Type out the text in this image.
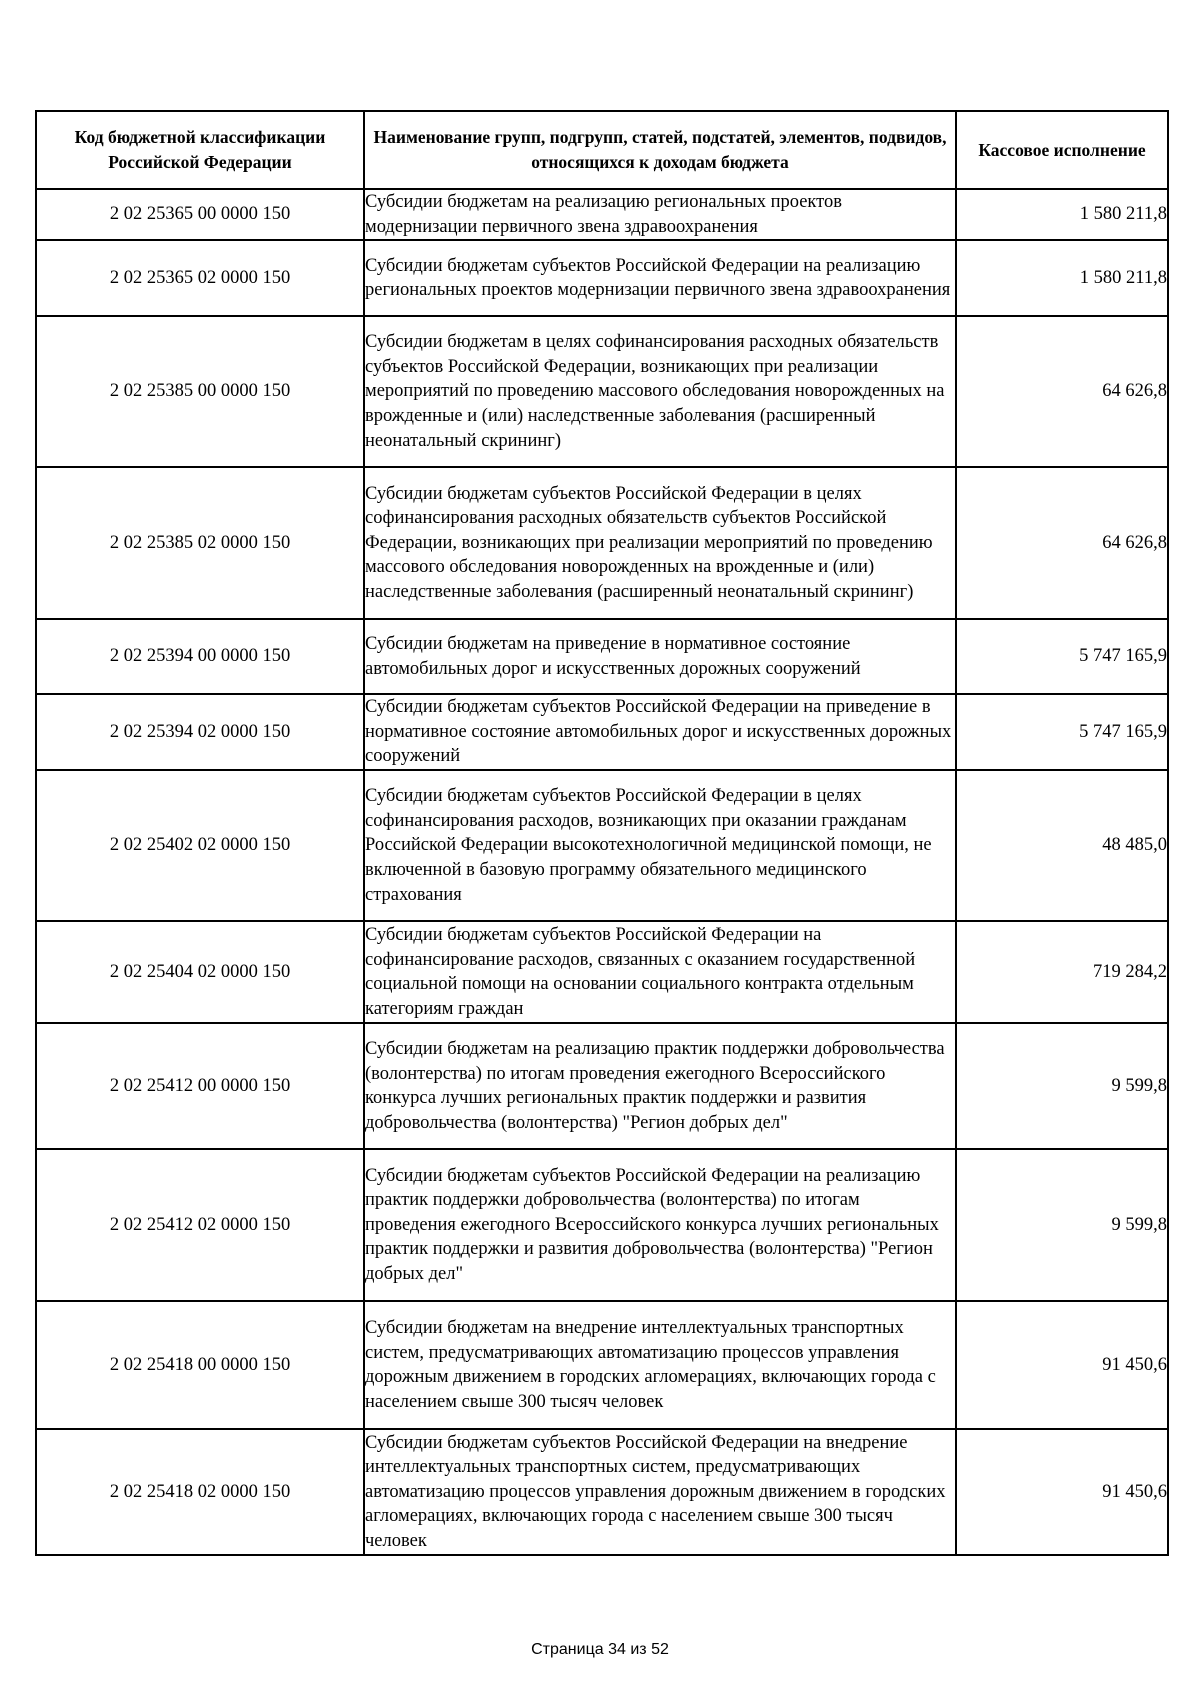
Код бюджетной классификации Российской Федерации	Наименование групп, подгрупп, статей, подстатей, элементов, подвидов, относящихся к доходам бюджета	Кассовое исполнение
2 02 25365 00 0000 150	Субсидии бюджетам на реализацию региональных проектов модернизации первичного звена здравоохранения	1 580 211,8
2 02 25365 02 0000 150	Субсидии бюджетам субъектов Российской Федерации на реализацию региональных проектов модернизации первичного звена здравоохранения	1 580 211,8
2 02 25385 00 0000 150	Субсидии бюджетам в целях софинансирования расходных обязательств субъектов Российской Федерации, возникающих при реализации мероприятий по проведению массового обследования новорожденных на врожденные и (или) наследственные заболевания (расширенный неонатальный скрининг)	64 626,8
2 02 25385 02 0000 150	Субсидии бюджетам субъектов Российской Федерации в целях софинансирования расходных обязательств субъектов Российской Федерации, возникающих при реализации мероприятий по проведению массового обследования новорожденных на врожденные и (или) наследственные заболевания (расширенный неонатальный скрининг)	64 626,8
2 02 25394 00 0000 150	Субсидии бюджетам на приведение в нормативное состояние автомобильных дорог и искусственных дорожных сооружений	5 747 165,9
2 02 25394 02 0000 150	Субсидии бюджетам субъектов Российской Федерации на приведение в нормативное состояние автомобильных дорог и искусственных дорожных сооружений	5 747 165,9
2 02 25402 02 0000 150	Субсидии бюджетам субъектов Российской Федерации в целях софинансирования расходов, возникающих при оказании гражданам Российской Федерации высокотехнологичной медицинской помощи, не включенной в базовую программу обязательного медицинского страхования	48 485,0
2 02 25404 02 0000 150	Субсидии бюджетам субъектов Российской Федерации на софинансирование расходов, связанных с оказанием государственной социальной помощи на основании социального контракта отдельным категориям граждан	719 284,2
2 02 25412 00 0000 150	Субсидии бюджетам на реализацию практик поддержки добровольчества (волонтерства) по итогам проведения ежегодного Всероссийского конкурса лучших региональных практик поддержки и развития добровольчества (волонтерства) "Регион добрых дел"	9 599,8
2 02 25412 02 0000 150	Субсидии бюджетам субъектов Российской Федерации на реализацию практик поддержки добровольчества (волонтерства) по итогам проведения ежегодного Всероссийского конкурса лучших региональных практик поддержки и развития добровольчества (волонтерства) "Регион добрых дел"	9 599,8
2 02 25418 00 0000 150	Субсидии бюджетам на внедрение интеллектуальных транспортных систем, предусматривающих автоматизацию процессов управления дорожным движением в городских агломерациях, включающих города с населением свыше 300 тысяч человек	91 450,6
2 02 25418 02 0000 150	Субсидии бюджетам субъектов Российской Федерации на внедрение интеллектуальных транспортных систем, предусматривающих автоматизацию процессов управления дорожным движением в городских агломерациях, включающих города с населением свыше 300 тысяч человек	91 450,6
Страница 34 из 52
